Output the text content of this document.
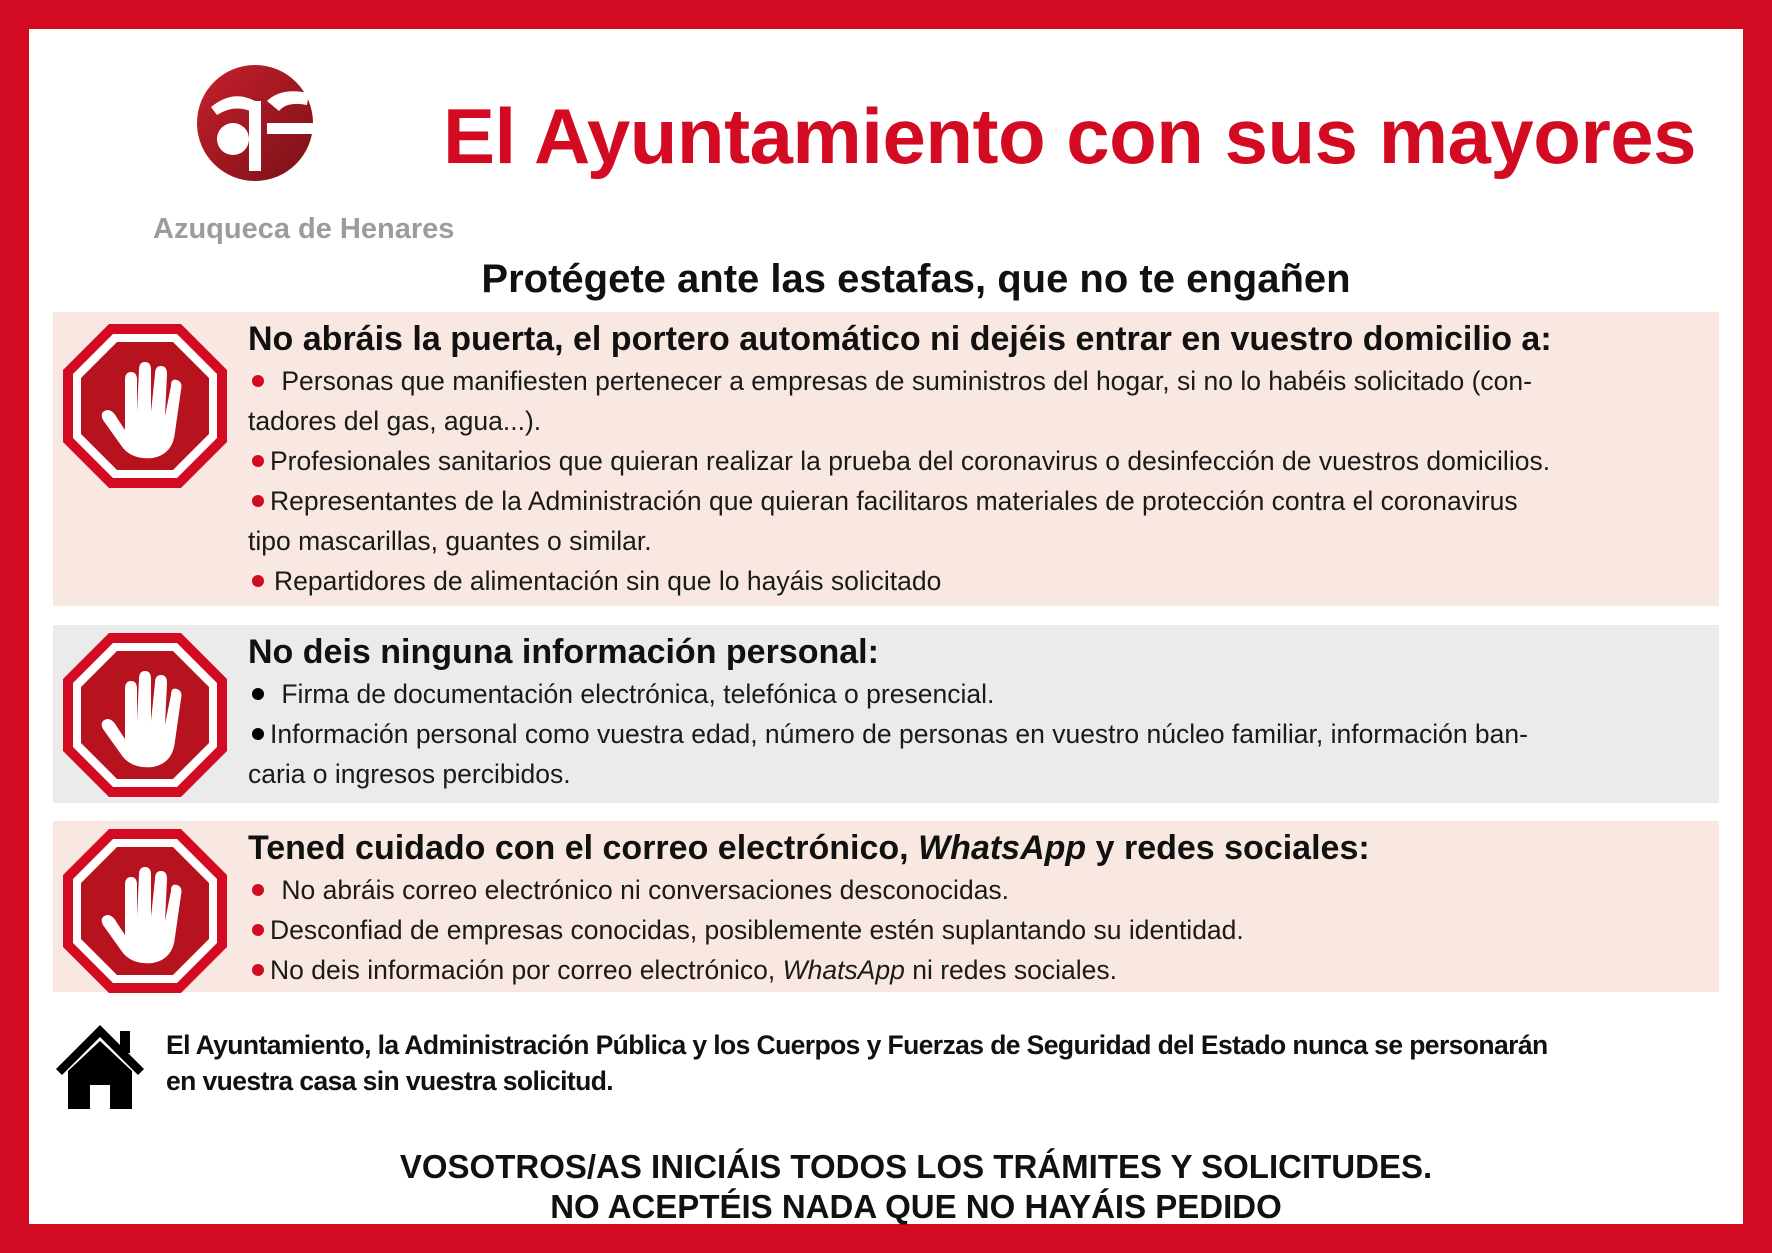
Azuqueca de Henares
El Ayuntamiento con sus mayores
Protégete ante las estafas, que no te engañen
No abráis la puerta, el portero automático ni dejéis entrar en vuestro domicilio a:
Personas que manifiesten pertenecer a empresas de suministros del hogar, si no lo habéis solicitado (con-
tadores del gas, agua...).
Profesionales sanitarios que quieran realizar la prueba del coronavirus o desinfección de vuestros domicilios.
Representantes de la Administración que quieran facilitaros materiales de protección contra el coronavirus
tipo mascarillas, guantes o similar.
Repartidores de alimentación sin que lo hayáis solicitado
No deis ninguna información personal:
Firma de documentación electrónica, telefónica o presencial.
Información personal como vuestra edad, número de personas en vuestro núcleo familiar, información ban-
caria o ingresos percibidos.
Tened cuidado con el correo electrónico, WhatsApp y redes sociales:
No abráis correo electrónico ni conversaciones desconocidas.
Desconfiad de empresas conocidas, posiblemente estén suplantando su identidad.
No deis información por correo electrónico, WhatsApp ni redes sociales.
El Ayuntamiento, la Administración Pública y los Cuerpos y Fuerzas de Seguridad del Estado nunca se personarán
en vuestra casa sin vuestra solicitud.
VOSOTROS/AS INICIÁIS TODOS LOS TRÁMITES Y SOLICITUDES.
NO ACEPTÉIS NADA QUE NO HAYÁIS PEDIDO
